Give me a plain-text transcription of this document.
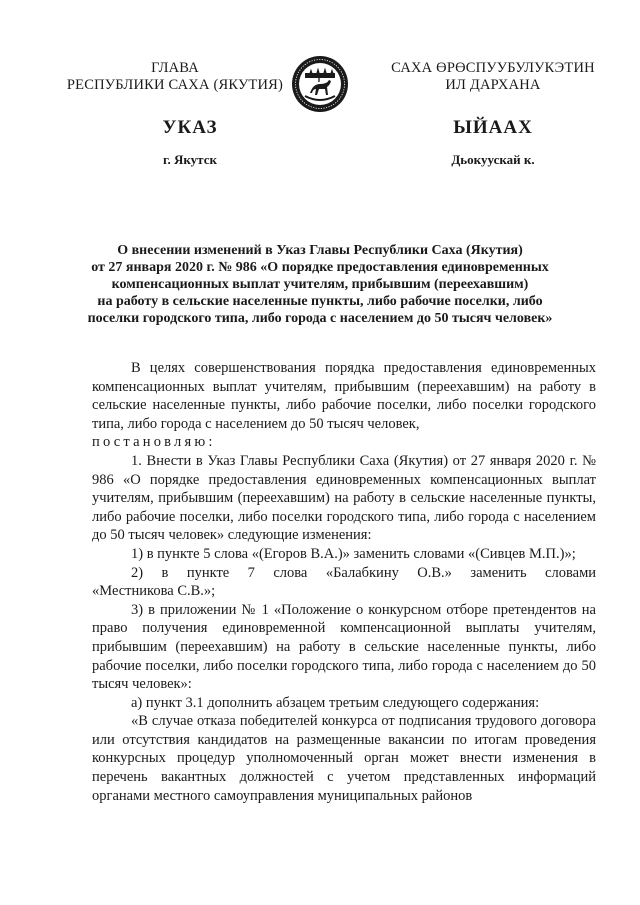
ГЛАВА
РЕСПУБЛИКИ САХА (ЯКУТИЯ)
САХА ӨРӨСПУУБУЛУКЭТИН
ИЛ ДАРХАНА
УКАЗ	ЫЙААХ
г. Якутск	Дьокуускай к.
О внесении изменений в Указ Главы Республики Саха (Якутия)
от 27 января 2020 г. № 986 «О порядке предоставления единовременных
компенсационных выплат учителям, прибывшим (переехавшим)
на работу в сельские населенные пункты, либо рабочие поселки, либо
поселки городского типа, либо города с населением до 50 тысяч человек»
В целях совершенствования порядка предоставления единовременных компенсационных выплат учителям, прибывшим (переехавшим) на работу в сельские населенные пункты, либо рабочие поселки, либо поселки городского типа, либо города с населением до 50 тысяч человек,
постановляю:
1. Внести в Указ Главы Республики Саха (Якутия) от 27 января 2020 г. № 986 «О порядке предоставления единовременных компенсационных выплат учителям, прибывшим (переехавшим) на работу в сельские населенные пункты, либо рабочие поселки, либо поселки городского типа, либо города с населением до 50 тысяч человек» следующие изменения:
1) в пункте 5 слова «(Егоров В.А.)» заменить словами «(Сивцев М.П.)»;
2) в пункте 7 слова «Балабкину О.В.» заменить словами
«Местникова С.В.»;
3) в приложении № 1 «Положение о конкурсном отборе претендентов на право получения единовременной компенсационной выплаты учителям, прибывшим (переехавшим) на работу в сельские населенные пункты, либо рабочие поселки, либо поселки городского типа, либо города с населением до 50 тысяч человек»:
а) пункт 3.1 дополнить абзацем третьим следующего содержания:
«В случае отказа победителей конкурса от подписания трудового договора или отсутствия кандидатов на размещенные вакансии по итогам проведения конкурсных процедур уполномоченный орган может внести изменения в перечень вакантных должностей с учетом представленных информаций органами местного самоуправления муниципальных районов
